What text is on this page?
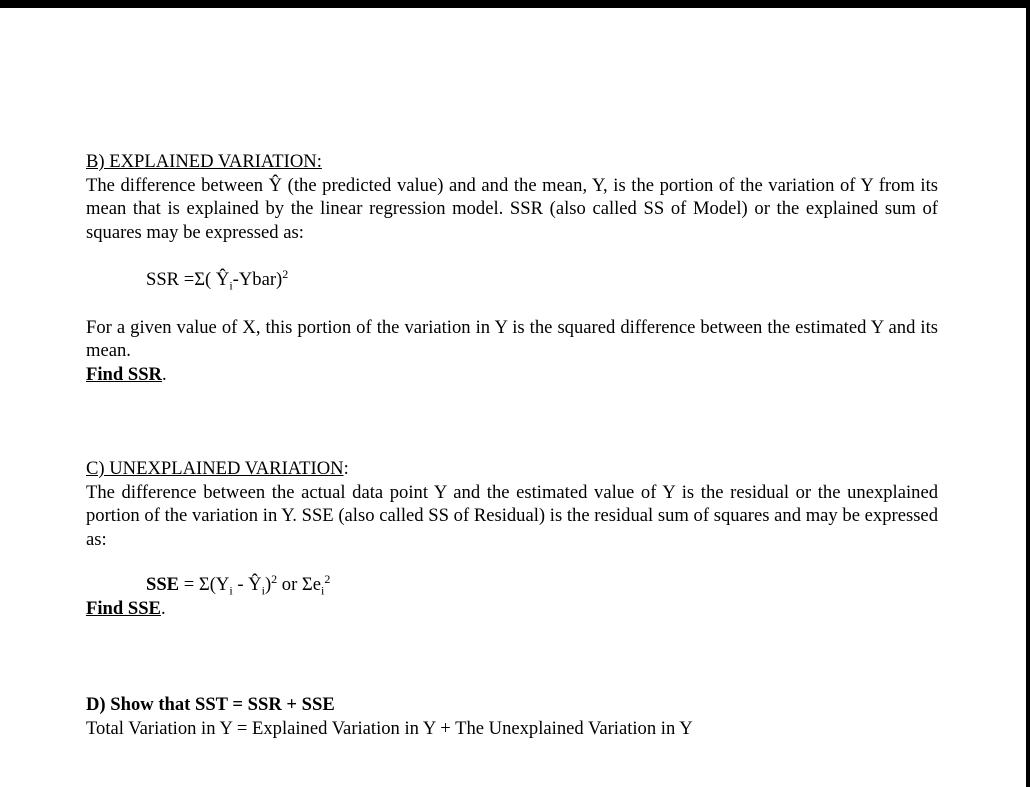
B) EXPLAINED VARIATION:

The difference between Ŷ (the predicted value) and and the mean, Y, is the portion of the variation of Y from its mean that is explained by the linear regression model. SSR (also called SS of Model) or the explained sum of squares may be expressed as:

SSR =Σ( $Ŷ_i-Ybar)^2$

For a given value of X, this portion of the variation in Y is the squared difference between the estimated Y and its mean.

Find SSR.
C) UNEXPLAINED VARIATION:

The difference between the actual data point Y and the estimated value of Y is the residual or the unexplained portion of the variation in Y. SSE (also called SS of Residual) is the residual sum of squares and may be expressed as:

SSE = $\Sigma(Y_i$ - $Ŷ_i)^2$ or $\Sigma e_i^2$

Find SSE.
D) Show that SST = SSR + SSE
Total Variation in Y = Explained Variation in Y + The Unexplained Variation in Y
